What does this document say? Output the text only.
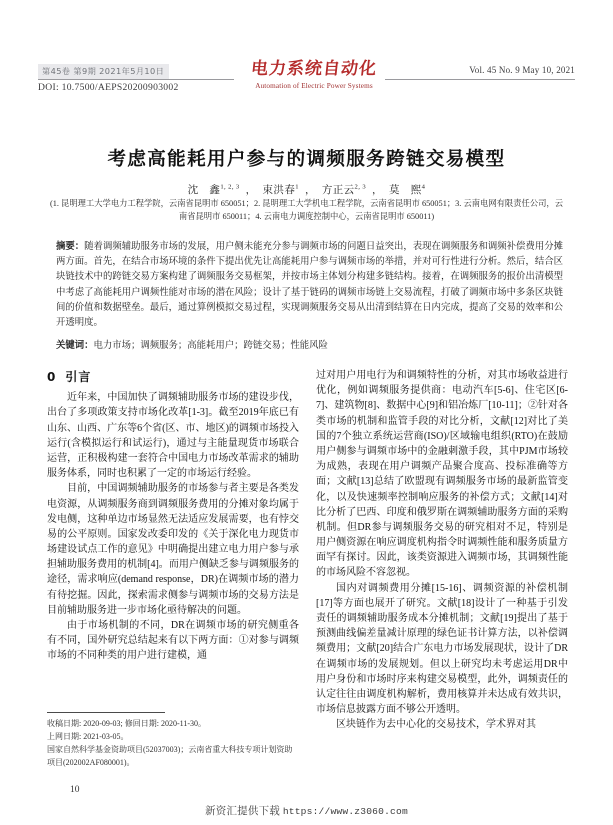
第45卷 第9期 2021年5月10日
DOI: 10.7500/AEPS20200903002
电力系统自动化
Automation of Electric Power Systems
Vol. 45 No. 9 May 10, 2021
考虑高能耗用户参与的调频服务跨链交易模型
沈　鑫$^{1, 2, 3}$ ， 束洪春$^1$ ， 方正云$^{2, 3}$ ， 莫　熙$^4$
(1. 昆明理工大学电力工程学院，云南省昆明市 650051；2. 昆明理工大学机电工程学院，云南省昆明市 650051；3. 云南电网有限责任公司，云南省昆明市 650011；4. 云南电力调度控制中心，云南省昆明市 650011)
摘要：随着调频辅助服务市场的发展，用户侧未能充分参与调频市场的问题日益突出，表现在调频服务和调频补偿费用分摊两方面。首先，在结合市场环境的条件下提出优先让高能耗用户参与调频市场的举措，并对可行性进行分析。然后，结合区块链技术中的跨链交易方案构建了调频服务交易框架，并按市场主体划分构建多链结构。接着，在调频服务的报价出清模型中考虑了高能耗用户调频性能对市场的潜在风险；设计了基于链码的调频市场链上交易流程，打破了调频市场中多条区块链间的价值和数据壁垒。最后，通过算例模拟交易过程，实现调频服务交易从出清到结算在日内完成，提高了交易的效率和公开透明度。
关键词：电力市场；调频服务；高能耗用户；跨链交易；性能风险
0 引言

近年来，中国加快了调频辅助服务市场的建设步伐，出台了多项政策支持市场化改革[1-3]。截至2019年底已有山东、山西、广东等6个省(区、市、地区)的调频市场投入运行(含模拟运行和试运行)，通过与主能量现货市场联合运营，正积极构建一套符合中国电力市场改革需求的辅助服务体系，同时也积累了一定的市场运行经验。

目前，中国调频辅助服务的市场参与者主要是各类发电资源，从调频服务商到调频服务费用的分摊对象均属于发电侧，这种单边市场显然无法适应发展需要，也有悖交易的公平原则。国家发改委印发的《关于深化电力现货市场建设试点工作的意见》中明确提出建立电力用户参与承担辅助服务费用的机制[4]。而用户侧缺乏参与调频服务的途径，需求响应(demand response，DR)在调频市场的潜力有待挖掘。因此，探索需求侧参与调频市场的交易方法是目前辅助服务进一步市场化亟待解决的问题。

由于市场机制的不同，DR在调频市场的研究侧重各有不同，国外研究总结起来有以下两方面：①对参与调频市场的不同种类的用户进行建模，通

过对用户用电行为和调频特性的分析，对其市场收益进行优化，例如调频服务提供商：电动汽车[5-6]、住宅区[6-7]、建筑物[8]、数据中心[9]和铝冶炼厂[10-11]；②针对各类市场的机制和监管手段的对比分析，文献[12]对比了美国的7个独立系统运营商(ISO)/区域输电组织(RTO)在鼓励用户侧参与调频市场中的金融刺激手段，其中PJM市场较为成熟，表现在用户调频产品聚合度高、投标准确等方面；文献[13]总结了欧盟现有调频服务市场的最新监管变化，以及快速频率控制响应服务的补偿方式；文献[14]对比分析了巴西、印度和俄罗斯在调频辅助服务方面的采购机制。但DR参与调频服务交易的研究相对不足，特别是用户侧资源在响应调度机构指令时调频性能和服务质量方面罕有探讨。因此，该类资源进入调频市场，其调频性能的市场风险不容忽视。

国内对调频费用分摊[15-16]、调频资源的补偿机制[17]等方面也展开了研究。文献[18]设计了一种基于引发责任的调频辅助服务成本分摊机制；文献[19]提出了基于预测曲线偏差量减计原理的绿色证书计算方法，以补偿调频费用；文献[20]结合广东电力市场发展现状，设计了DR在调频市场的发展规划。但以上研究均未考虑运用DR中用户身份和市场时序来构建交易模型，此外，调频责任的认定往往由调度机构解析，费用核算并未达成有效共识，市场信息披露方面不够公开透明。

区块链作为去中心化的交易技术，学术界对其

收稿日期: 2020-09-03; 修回日期: 2020-11-30。
上网日期: 2021-03-05。
国家自然科学基金资助项目(52037003)；云南省重大科技专项计划资助项目(202002AF080001)。
10
新资汇提供下载 https://www.z3060.com
